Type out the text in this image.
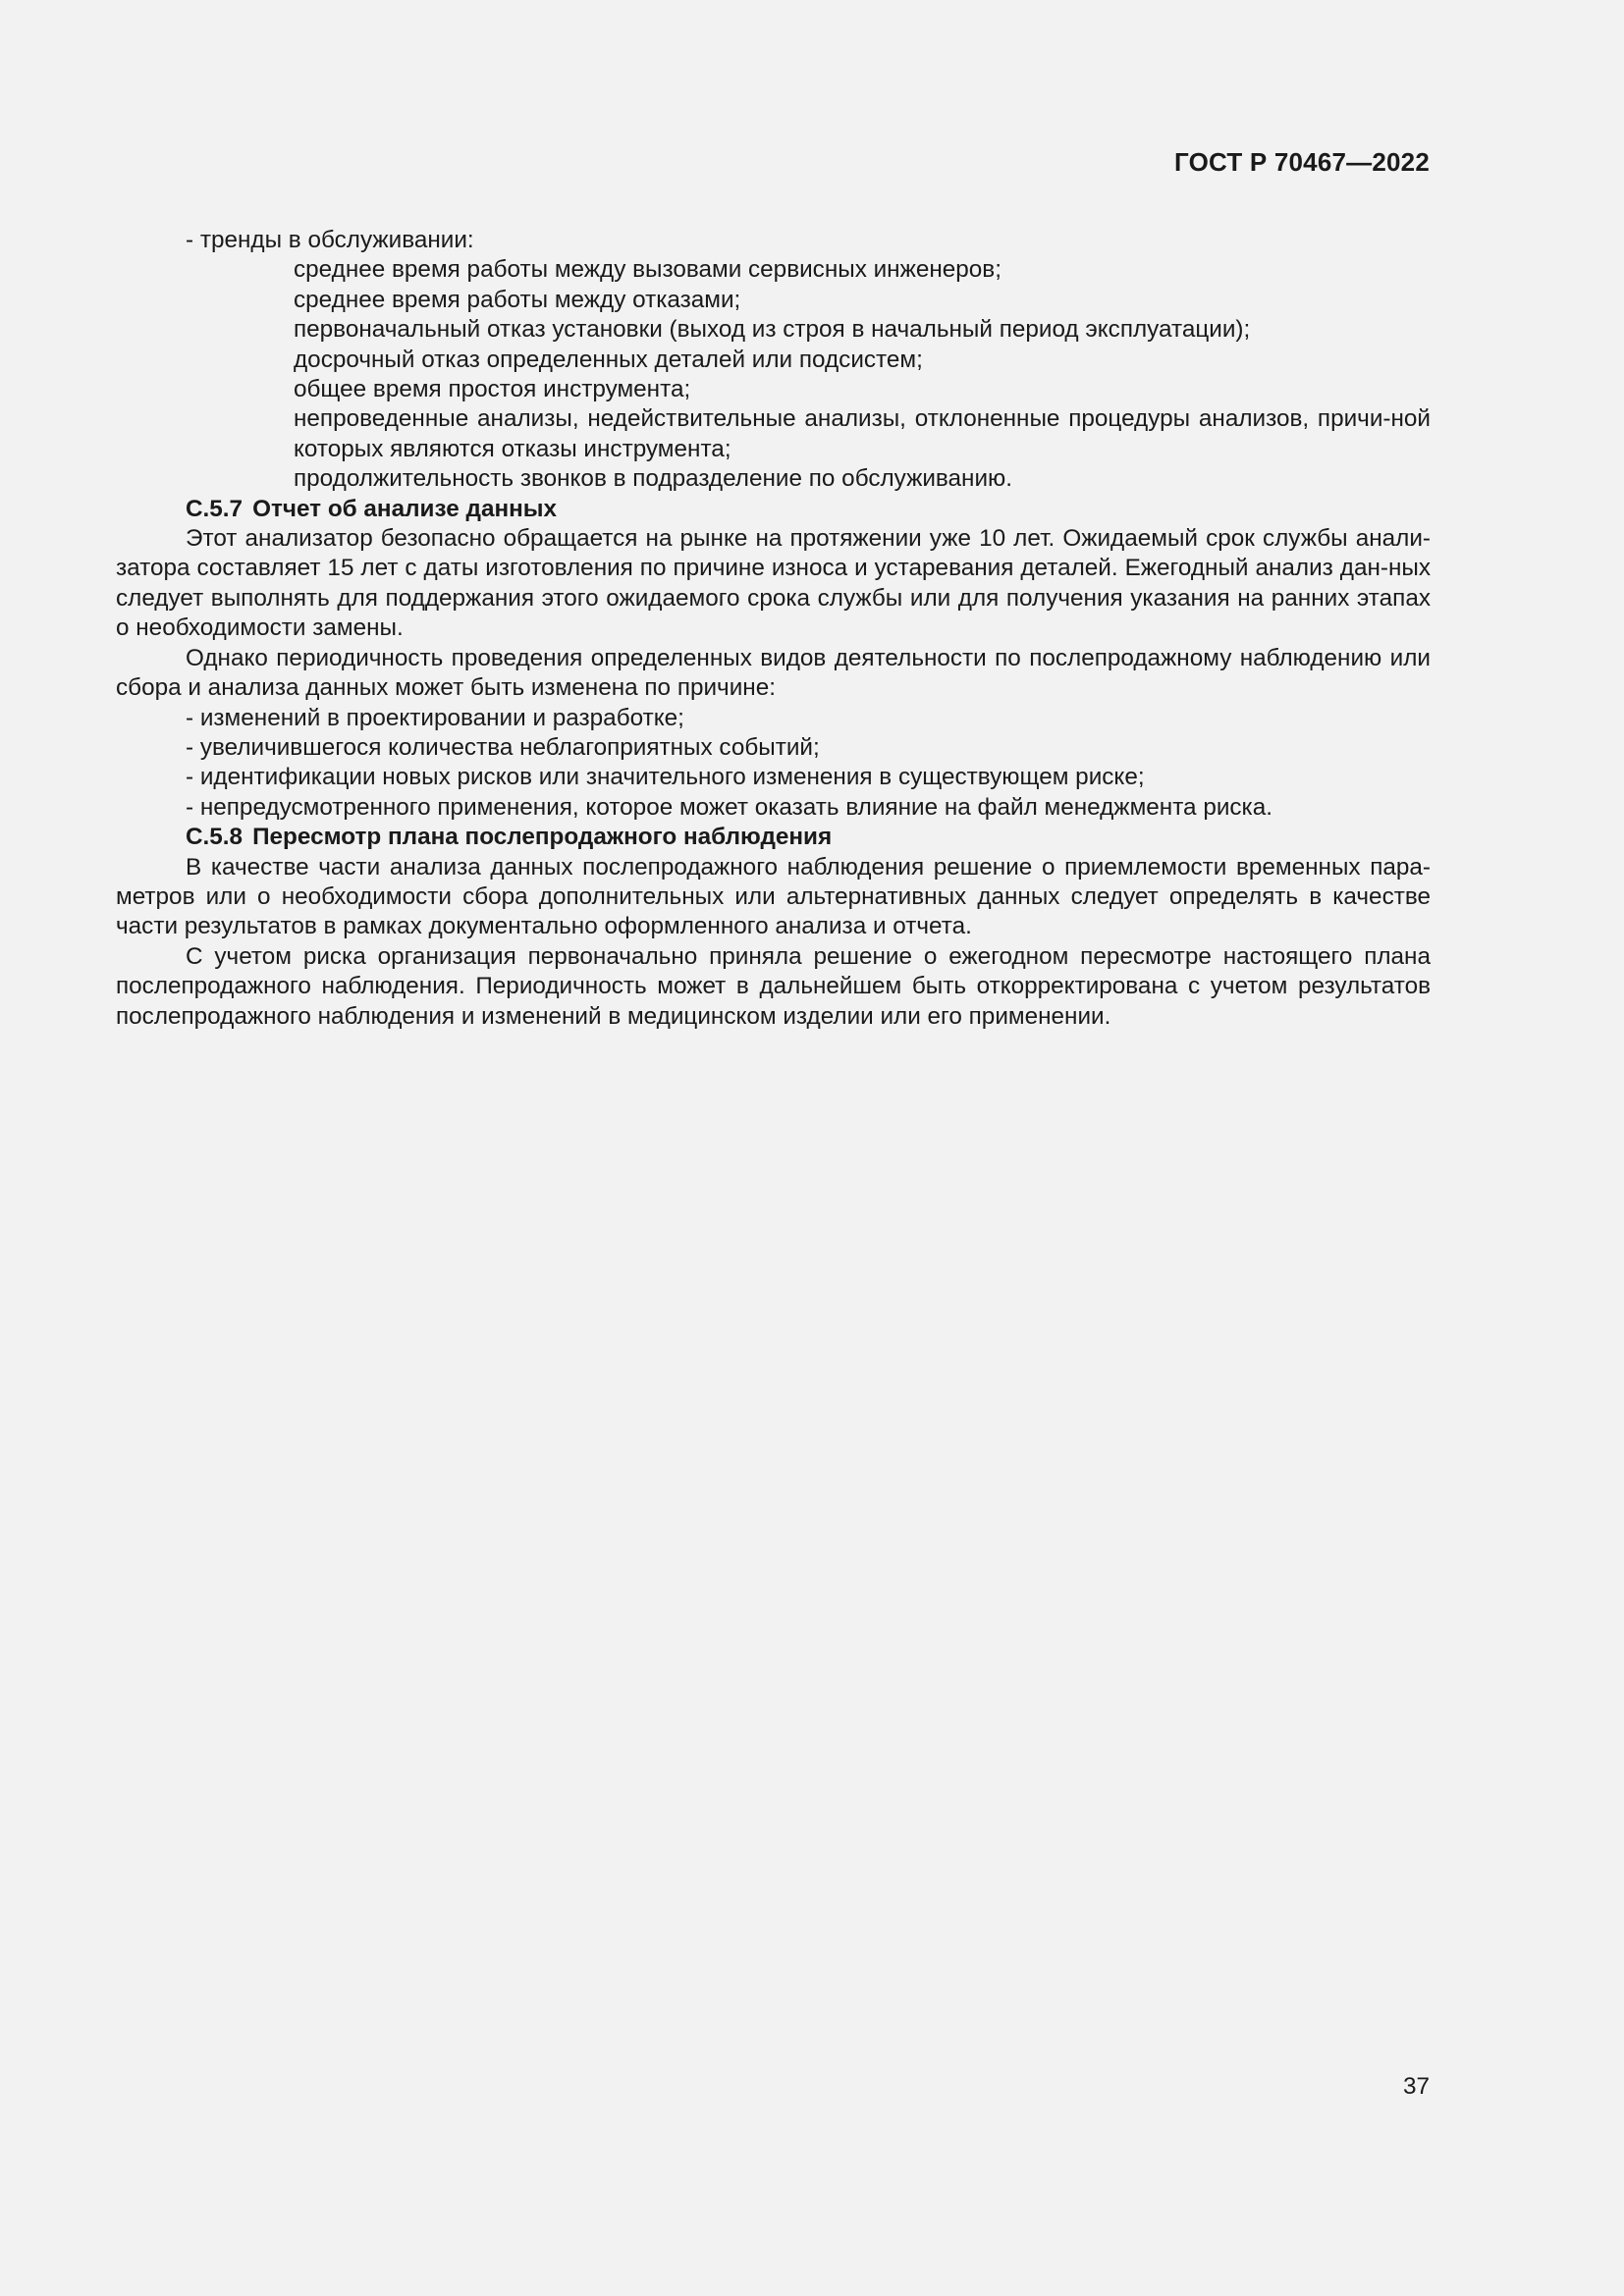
ГОСТ Р 70467—2022

- тренды в обслуживании:

среднее время работы между вызовами сервисных инженеров;

среднее время работы между отказами;

первоначальный отказ установки (выход из строя в начальный период эксплуатации);

досрочный отказ определенных деталей или подсистем;

общее время простоя инструмента;

непроведенные анализы, недействительные анализы, отклоненные процедуры анализов, причи-ной которых являются отказы инструмента;

продолжительность звонков в подразделение по обслуживанию.

C.5.7 Отчет об анализе данных

Этот анализатор безопасно обращается на рынке на протяжении уже 10 лет. Ожидаемый срок службы анали-затора составляет 15 лет с даты изготовления по причине износа и устаревания деталей. Ежегодный анализ дан-ных следует выполнять для поддержания этого ожидаемого срока службы или для получения указания на ранних этапах о необходимости замены.

Однако периодичность проведения определенных видов деятельности по послепродажному наблюдению или сбора и анализа данных может быть изменена по причине:

- изменений в проектировании и разработке;

- увеличившегося количества неблагоприятных событий;

- идентификации новых рисков или значительного изменения в существующем риске;

- непредусмотренного применения, которое может оказать влияние на файл менеджмента риска.

C.5.8 Пересмотр плана послепродажного наблюдения

В качестве части анализа данных послепродажного наблюдения решение о приемлемости временных пара-метров или о необходимости сбора дополнительных или альтернативных данных следует определять в качестве части результатов в рамках документально оформленного анализа и отчета.

С учетом риска организация первоначально приняла решение о ежегодном пересмотре настоящего плана послепродажного наблюдения. Периодичность может в дальнейшем быть откорректирована с учетом результатов послепродажного наблюдения и изменений в медицинском изделии или его применении.

37
